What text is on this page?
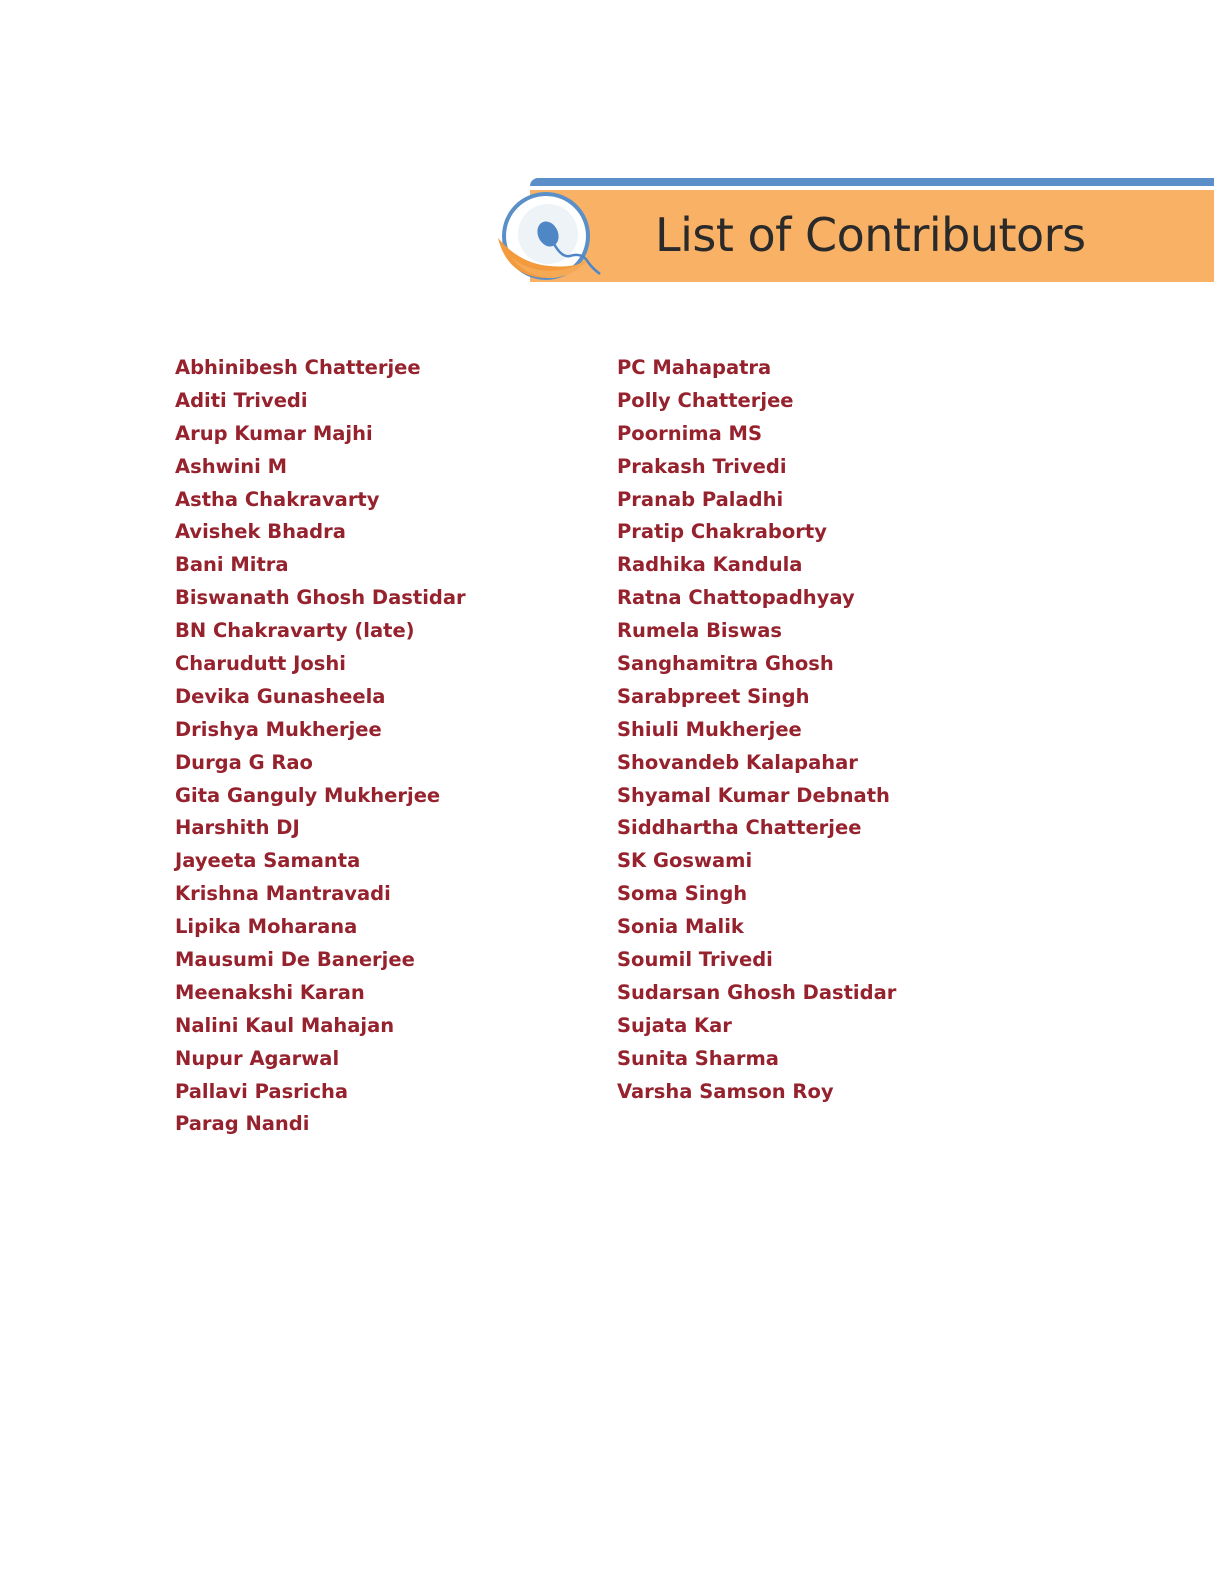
List of Contributors
Abhinibesh Chatterjee
Aditi Trivedi
Arup Kumar Majhi
Ashwini M
Astha Chakravarty
Avishek Bhadra
Bani Mitra
Biswanath Ghosh Dastidar
BN Chakravarty (late)
Charudutt Joshi
Devika Gunasheela
Drishya Mukherjee
Durga G Rao
Gita Ganguly Mukherjee
Harshith DJ
Jayeeta Samanta
Krishna Mantravadi
Lipika Moharana
Mausumi De Banerjee
Meenakshi Karan
Nalini Kaul Mahajan
Nupur Agarwal
Pallavi Pasricha
Parag Nandi
PC Mahapatra
Polly Chatterjee
Poornima MS
Prakash Trivedi
Pranab Paladhi
Pratip Chakraborty
Radhika Kandula
Ratna Chattopadhyay
Rumela Biswas
Sanghamitra Ghosh
Sarabpreet Singh
Shiuli Mukherjee
Shovandeb Kalapahar
Shyamal Kumar Debnath
Siddhartha Chatterjee
SK Goswami
Soma Singh
Sonia Malik
Soumil Trivedi
Sudarsan Ghosh Dastidar
Sujata Kar
Sunita Sharma
Varsha Samson Roy
